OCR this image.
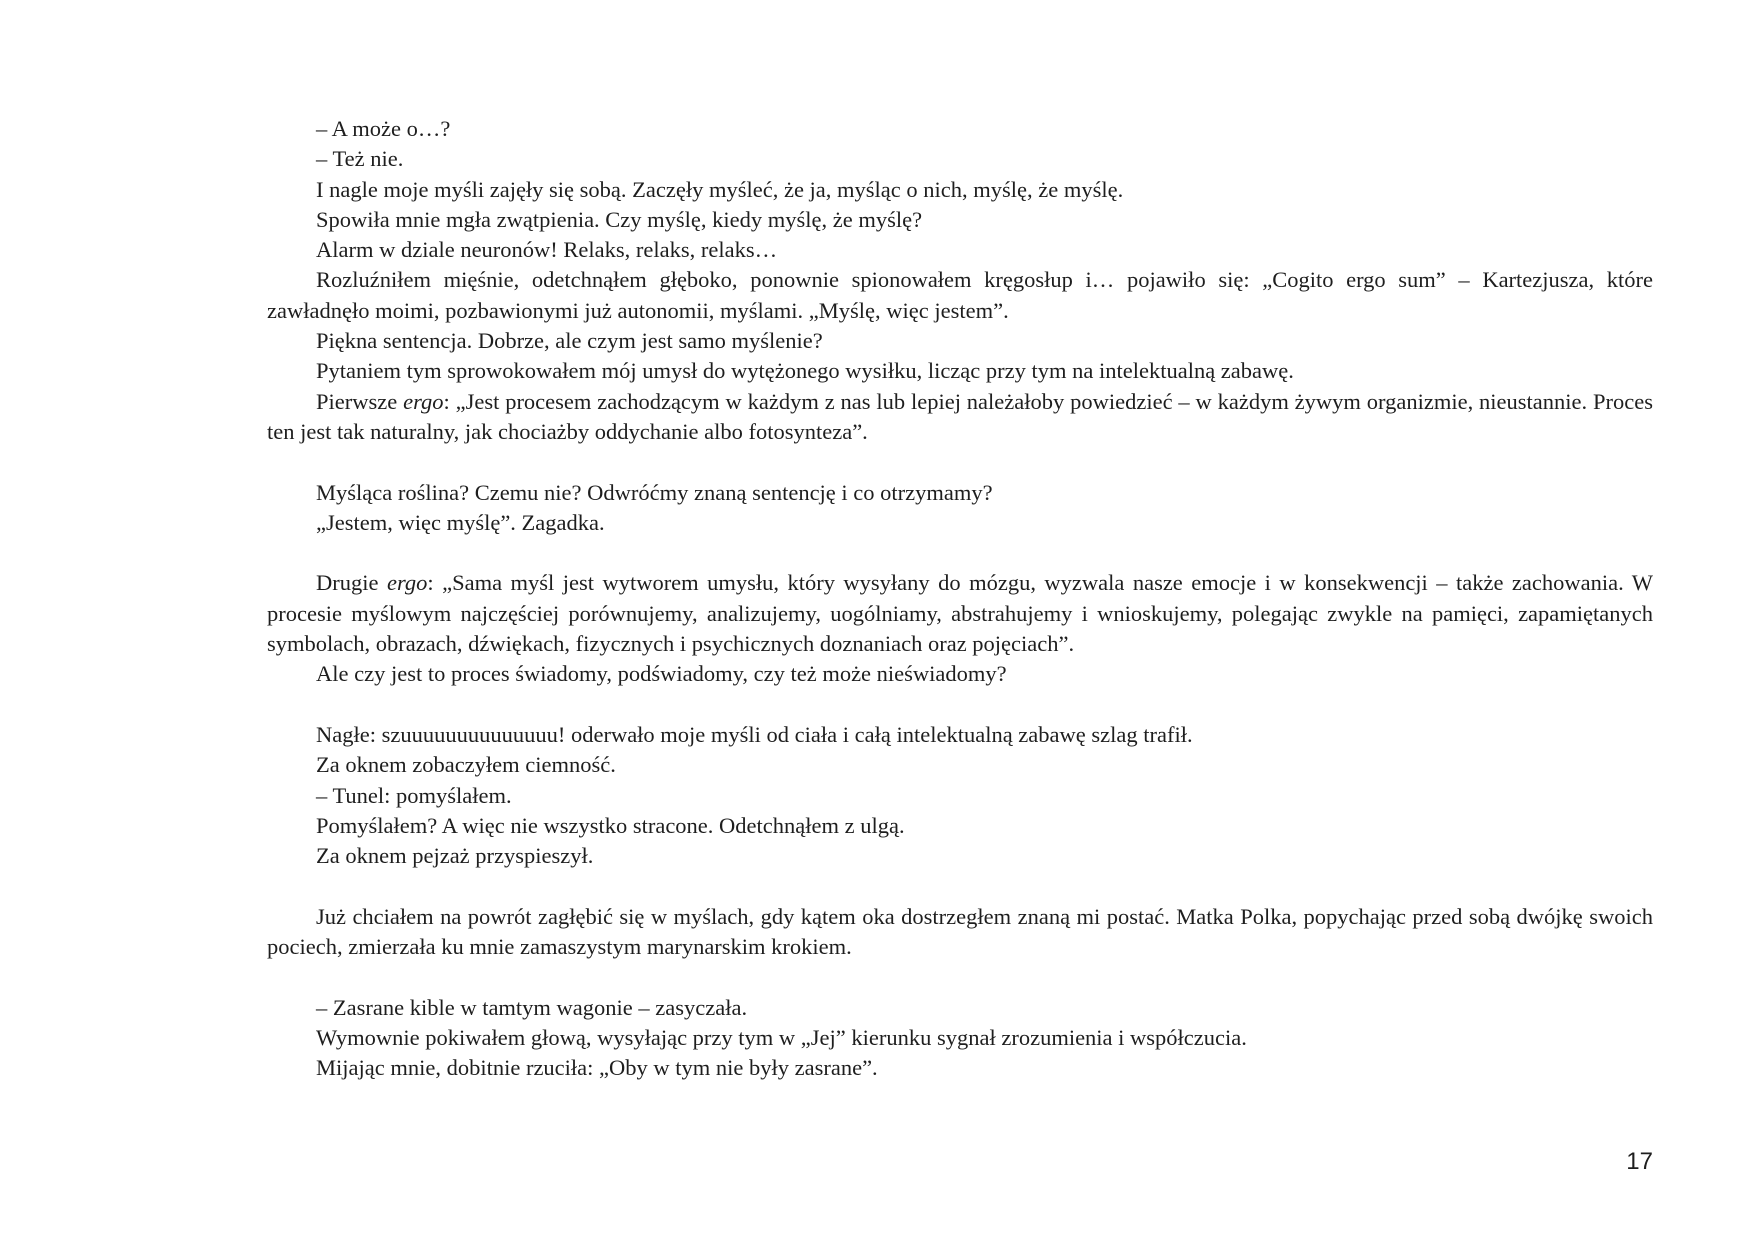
– A może o…?

– Też nie.

I nagle moje myśli zajęły się sobą. Zaczęły myśleć, że ja, myśląc o nich, myślę, że myślę.

Spowiła mnie mgła zwątpienia. Czy myślę, kiedy myślę, że myślę?

Alarm w dziale neuronów! Relaks, relaks, relaks…

Rozluźniłem mięśnie, odetchnąłem głęboko, ponownie spionowałem kręgosłup i… pojawiło się: „Cogito ergo sum” – Kartezjusza, które zawładnęło moimi, pozbawionymi już autonomii, myślami. „Myślę, więc jestem”.

Piękna sentencja. Dobrze, ale czym jest samo myślenie?

Pytaniem tym sprowokowałem mój umysł do wytężonego wysiłku, licząc przy tym na intelektualną zabawę.

Pierwsze ergo: „Jest procesem zachodzącym w każdym z nas lub lepiej należałoby powiedzieć – w każdym żywym organizmie, nieustannie. Proces ten jest tak naturalny, jak chociażby oddychanie albo fotosynteza”.

Myśląca roślina? Czemu nie? Odwróćmy znaną sentencję i co otrzymamy?

„Jestem, więc myślę”. Zagadka.

Drugie ergo: „Sama myśl jest wytworem umysłu, który wysyłany do mózgu, wyzwala nasze emocje i w konsekwencji – także zachowania. W procesie myślowym najczęściej porównujemy, analizujemy, uogólniamy, abstrahujemy i wnioskujemy, polegając zwykle na pamięci, zapamiętanych symbolach, obrazach, dźwiękach, fizycznych i psychicznych doznaniach oraz pojęciach”.

Ale czy jest to proces świadomy, podświadomy, czy też może nieświadomy?

Nagłe: szuuuuuuuuuuuuuu! oderwało moje myśli od ciała i całą intelektualną zabawę szlag trafił.

Za oknem zobaczyłem ciemność.

– Tunel: pomyślałem.

Pomyślałem? A więc nie wszystko stracone. Odetchnąłem z ulgą.

Za oknem pejzaż przyspieszył.

Już chciałem na powrót zagłębić się w myślach, gdy kątem oka dostrzegłem znaną mi postać. Matka Polka, popychając przed sobą dwójkę swoich pociech, zmierzała ku mnie zamaszystym marynarskim krokiem.

– Zasrane kible w tamtym wagonie – zasyczała.

Wymownie pokiwałem głową, wysyłając przy tym w „Jej” kierunku sygnał zrozumienia i współczucia.

Mijając mnie, dobitnie rzuciła: „Oby w tym nie były zasrane”.

17
